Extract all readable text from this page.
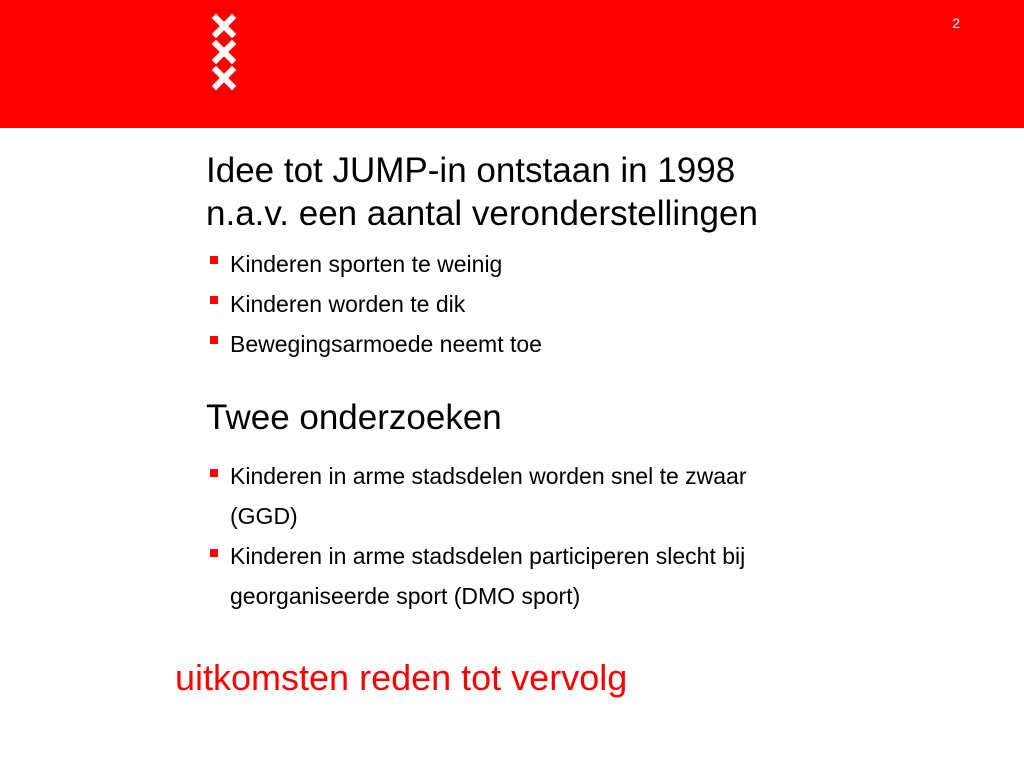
2
Idee tot JUMP-in ontstaan in 1998
n.a.v. een aantal veronderstellingen
Kinderen sporten te weinig
Kinderen worden te dik
Bewegingsarmoede neemt toe
Twee onderzoeken
Kinderen in arme stadsdelen worden snel te zwaar
(GGD)
Kinderen in arme stadsdelen participeren slecht bij
georganiseerde sport (DMO sport)
uitkomsten reden tot vervolg
